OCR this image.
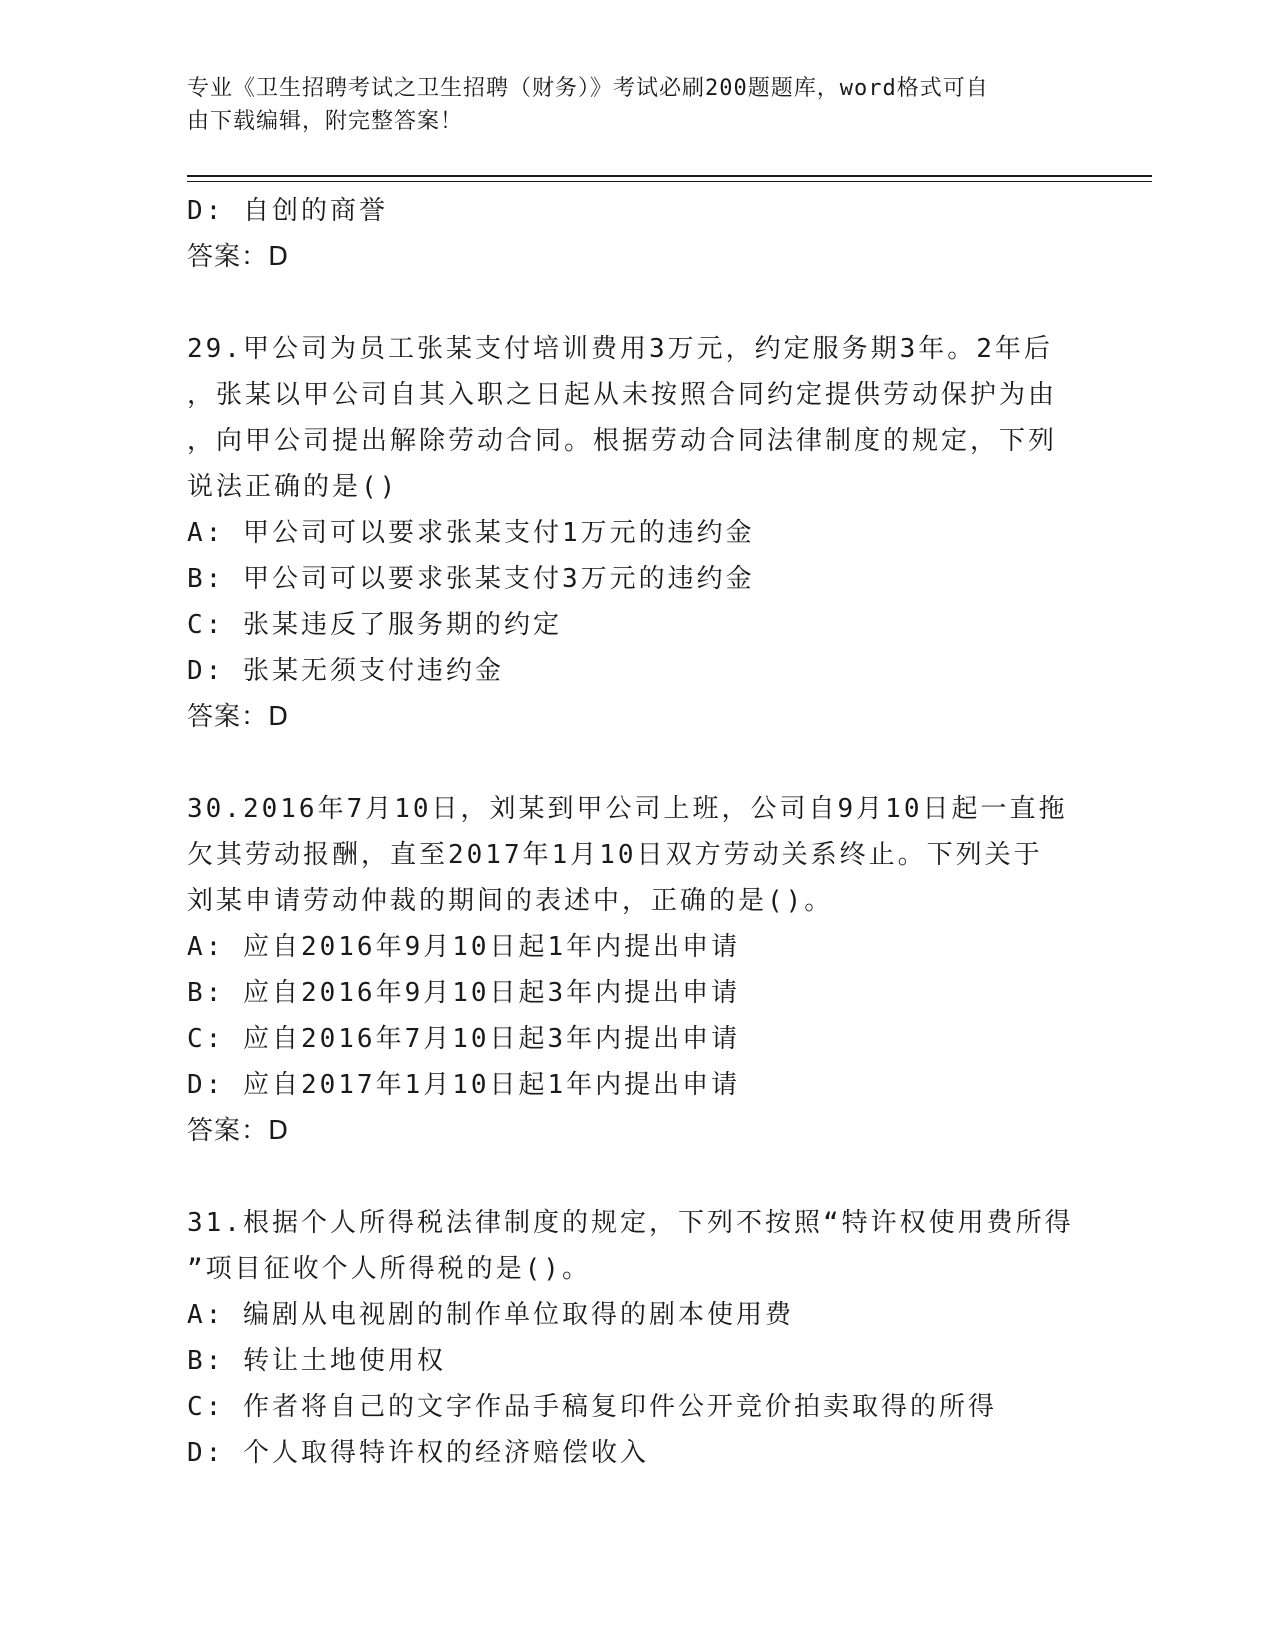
专业《卫生招聘考试之卫生招聘（财务）》考试必刷200题题库，word格式可自
由下载编辑，附完整答案！
D: 自创的商誉
答案：D
29.甲公司为员工张某支付培训费用3万元，约定服务期3年。2年后
，张某以甲公司自其入职之日起从未按照合同约定提供劳动保护为由
，向甲公司提出解除劳动合同。根据劳动合同法律制度的规定，下列
说法正确的是()
A: 甲公司可以要求张某支付1万元的违约金
B: 甲公司可以要求张某支付3万元的违约金
C: 张某违反了服务期的约定
D: 张某无须支付违约金
答案：D
30.2016年7月10日，刘某到甲公司上班，公司自9月10日起一直拖
欠其劳动报酬，直至2017年1月10日双方劳动关系终止。下列关于
刘某申请劳动仲裁的期间的表述中，正确的是()。
A: 应自2016年9月10日起1年内提出申请
B: 应自2016年9月10日起3年内提出申请
C: 应自2016年7月10日起3年内提出申请
D: 应自2017年1月10日起1年内提出申请
答案：D
31.根据个人所得税法律制度的规定，下列不按照“特许权使用费所得
”项目征收个人所得税的是()。
A: 编剧从电视剧的制作单位取得的剧本使用费
B: 转让土地使用权
C: 作者将自己的文字作品手稿复印件公开竞价拍卖取得的所得
D: 个人取得特许权的经济赔偿收入
